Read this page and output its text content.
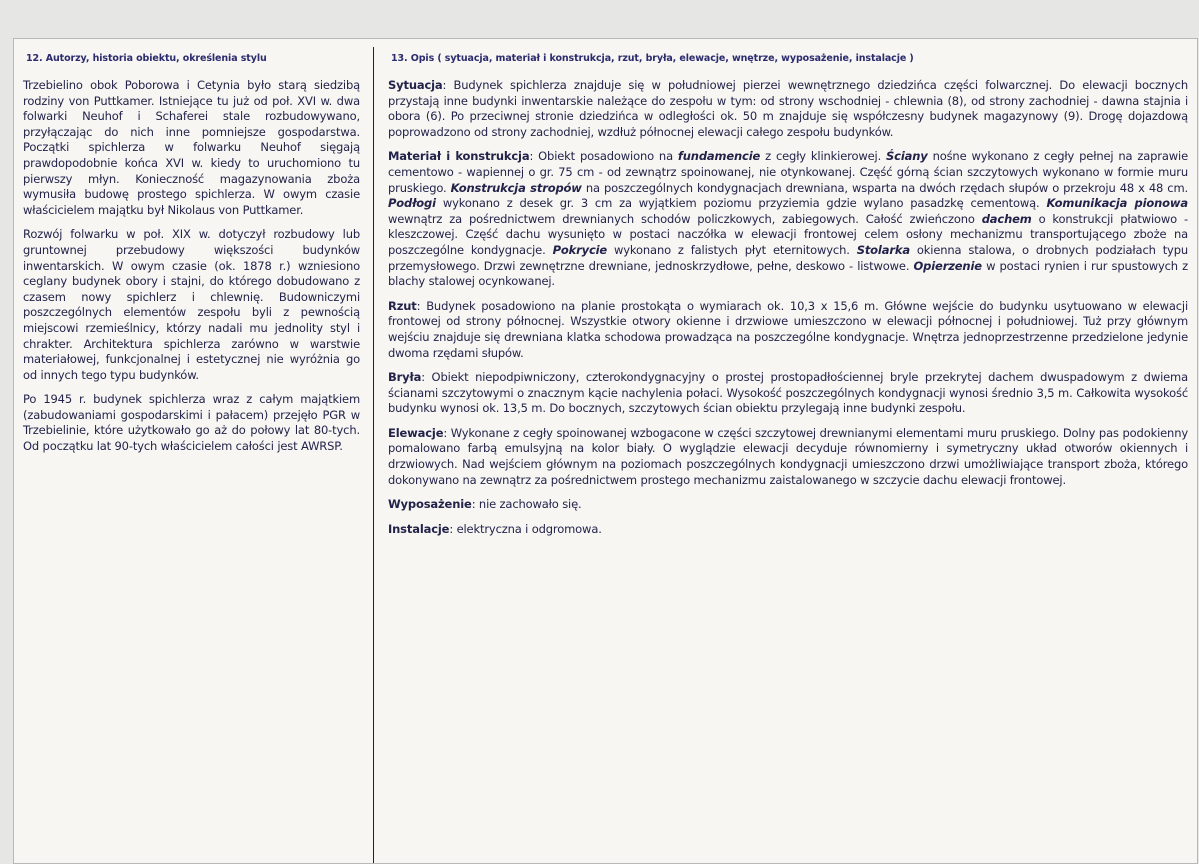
12. Autorzy, historia obiektu, określenia stylu

Trzebielino obok Poborowa i Cetynia było starą siedzibą rodziny von Puttkamer. Istniejące tu już od poł. XVI w. dwa folwarki Neuhof i Schaferei stale rozbudowywano, przyłączając do nich inne pomniejsze gospodarstwa. Początki spichlerza w folwarku Neuhof sięgają prawdopodobnie końca XVI w. kiedy to uruchomiono tu pierwszy młyn. Konieczność magazynowania zboża wymusiła budowę prostego spichlerza. W owym czasie właścicielem majątku był Nikolaus von Puttkamer.

Rozwój folwarku w poł. XIX w. dotyczył rozbudowy lub gruntownej przebudowy większości budynków inwentarskich. W owym czasie (ok. 1878 r.) wzniesiono ceglany budynek obory i stajni, do którego dobudowano z czasem nowy spichlerz i chlewnię. Budowniczymi poszczególnych elementów zespołu byli z pewnością miejscowi rzemieślnicy, którzy nadali mu jednolity styl i chrakter. Architektura spichlerza zarówno w warstwie materiałowej, funkcjonalnej i estetycznej nie wyróżnia go od innych tego typu budynków.

Po 1945 r. budynek spichlerza wraz z całym majątkiem (zabudowaniami gospodarskimi i pałacem) przejęło PGR w Trzebielinie, które użytkowało go aż do połowy lat 80-tych. Od początku lat 90-tych właścicielem całości jest AWRSP.

13. Opis ( sytuacja, materiał i konstrukcja, rzut, bryła, elewacje, wnętrze, wyposażenie, instalacje )

Sytuacja: Budynek spichlerza znajduje się w południowej pierzei wewnętrznego dziedzińca części folwarcznej. Do elewacji bocznych przystają inne budynki inwentarskie należące do zespołu w tym: od strony wschodniej - chlewnia (8), od strony zachodniej - dawna stajnia i obora (6). Po przeciwnej stronie dziedzińca w odległości ok. 50 m znajduje się współczesny budynek magazynowy (9). Drogę dojazdową poprowadzono od strony zachodniej, wzdłuż północnej elewacji całego zespołu budynków.

Materiał i konstrukcja: Obiekt posadowiono na fundamencie z cegły klinkierowej. Ściany nośne wykonano z cegły pełnej na zaprawie cementowo - wapiennej o gr. 75 cm - od zewnątrz spoinowanej, nie otynkowanej. Część górną ścian szczytowych wykonano w formie muru pruskiego. Konstrukcja stropów na poszczególnych kondygnacjach drewniana, wsparta na dwóch rzędach słupów o przekroju 48 x 48 cm. Podłogi wykonano z desek gr. 3 cm za wyjątkiem poziomu przyziemia gdzie wylano pasadzkę cementową. Komunikacja pionowa wewnątrz za pośrednictwem drewnianych schodów policzkowych, zabiegowych. Całość zwieńczono dachem o konstrukcji płatwiowo - kleszczowej. Część dachu wysunięto w postaci naczółka w elewacji frontowej celem osłony mechanizmu transportującego zboże na poszczególne kondygnacje. Pokrycie wykonano z falistych płyt eternitowych. Stolarka okienna stalowa, o drobnych podziałach typu przemysłowego. Drzwi zewnętrzne drewniane, jednoskrzydłowe, pełne, deskowo - listwowe. Opierzenie w postaci rynien i rur spustowych z blachy stalowej ocynkowanej.

Rzut: Budynek posadowiono na planie prostokąta o wymiarach ok. 10,3 x 15,6 m. Główne wejście do budynku usytuowano w elewacji frontowej od strony północnej. Wszystkie otwory okienne i drzwiowe umieszczono w elewacji północnej i południowej. Tuż przy głównym wejściu znajduje się drewniana klatka schodowa prowadząca na poszczególne kondygnacje. Wnętrza jednoprzestrzenne przedzielone jedynie dwoma rzędami słupów.

Bryła: Obiekt niepodpiwniczony, czterokondygnacyjny o prostej prostopadłościennej bryle przekrytej dachem dwuspadowym z dwiema ścianami szczytowymi o znacznym kącie nachylenia połaci. Wysokość poszczególnych kondygnacji wynosi średnio 3,5 m. Całkowita wysokość budynku wynosi ok. 13,5 m. Do bocznych, szczytowych ścian obiektu przylegają inne budynki zespołu.

Elewacje: Wykonane z cegły spoinowanej wzbogacone w części szczytowej drewnianymi elementami muru pruskiego. Dolny pas podokienny pomalowano farbą emulsyjną na kolor biały. O wyglądzie elewacji decyduje równomierny i symetryczny układ otworów okiennych i drzwiowych. Nad wejściem głównym na poziomach poszczególnych kondygnacji umieszczono drzwi umożliwiające transport zboża, którego dokonywano na zewnątrz za pośrednictwem prostego mechanizmu zaistalowanego w szczycie dachu elewacji frontowej.

Wyposażenie: nie zachowało się.

Instalacje: elektryczna i odgromowa.
